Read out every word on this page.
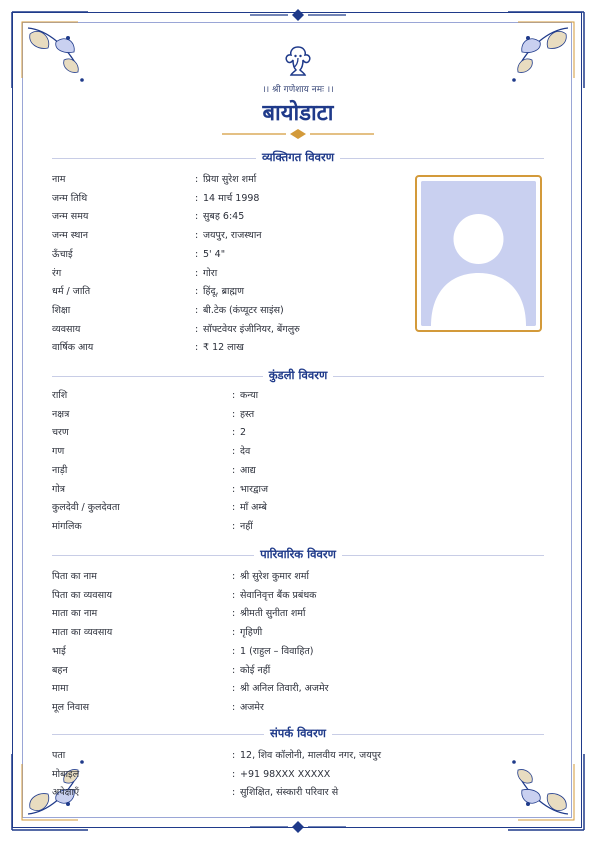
।। श्री गणेशाय नमः ।।
बायोडाटा
व्यक्तिगत विवरण
नाम	: प्रिया सुरेश शर्मा
जन्म तिथि	: 14 मार्च 1998
जन्म समय	: सुबह 6:45
जन्म स्थान	: जयपुर, राजस्थान
ऊँचाई	: 5' 4"
रंग	: गोरा
धर्म / जाति	: हिंदू, ब्राह्मण
शिक्षा	: बी.टेक (कंप्यूटर साइंस)
व्यवसाय	: सॉफ्टवेयर इंजीनियर, बेंगलुरु
वार्षिक आय	: ₹ 12 लाख
कुंडली विवरण
राशि	: कन्या
नक्षत्र	: हस्त
चरण	: 2
गण	: देव
नाड़ी	: आद्य
गोत्र	: भारद्वाज
कुलदेवी / कुलदेवता	: माँ अम्बे
मांगलिक	: नहीं
पारिवारिक विवरण
पिता का नाम	: श्री सुरेश कुमार शर्मा
पिता का व्यवसाय	: सेवानिवृत्त बैंक प्रबंधक
माता का नाम	: श्रीमती सुनीता शर्मा
माता का व्यवसाय	: गृहिणी
भाई	: 1 (राहुल – विवाहित)
बहन	: कोई नहीं
मामा	: श्री अनिल तिवारी, अजमेर
मूल निवास	: अजमेर
संपर्क विवरण
पता	: 12, शिव कॉलोनी, मालवीय नगर, जयपुर
मोबाइल	: +91 98XXX XXXXX
अपेक्षाएँ	: सुशिक्षित, संस्कारी परिवार से
